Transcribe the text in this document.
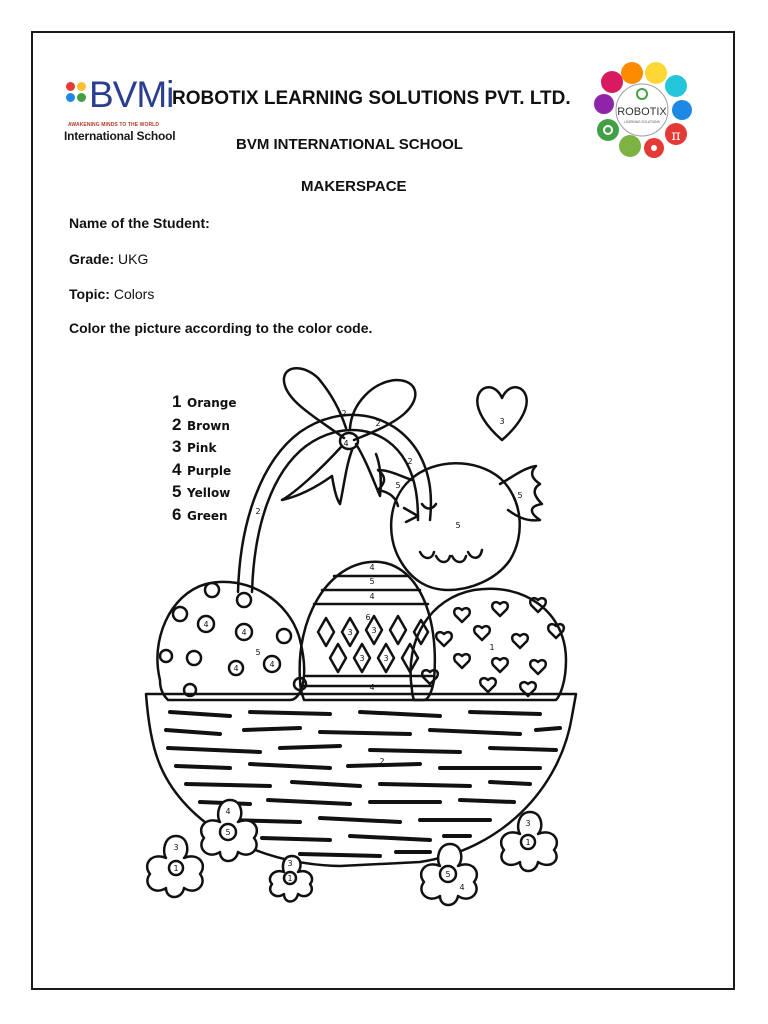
BVMi
AWAKENING MINDS TO THE WORLD
International School
ROBOTIX LEARNING SOLUTIONS PVT. LTD.
BVM INTERNATIONAL SCHOOL
MAKERSPACE
π
ROBOTIX
LEARNING SOLUTIONS
Name of the Student:
Grade: UKG
Topic: Colors
Color the picture according to the color code.
1 Orange
2 Brown
3 Pink
4 Purple
5 Yellow
6 Green
2
2
4
3
2
2
5
5
5
4
4
4
4
5
4
5
4
6
3 3
3 3
4
1
2
3
1
4
5
3
1	5
4
3
1
